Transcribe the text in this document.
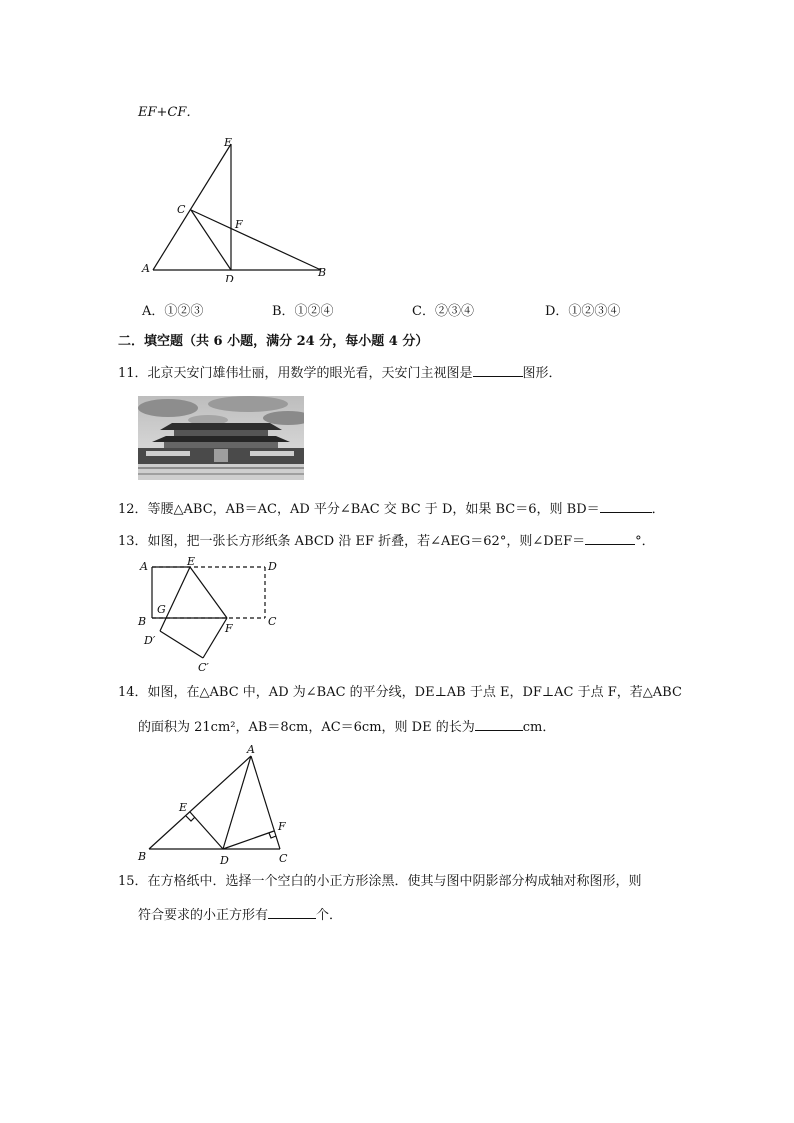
EF+CF．
E
C
F
A
D
B
A．①②③	B．①②④	C．②③④	D．①②③④
二．填空题（共 6 小题，满分 24 分，每小题 4 分）
11．北京天安门雄伟壮丽，用数学的眼光看，天安门主视图是	图形．
12．等腰△ABC，AB＝AC，AD 平分∠BAC 交 BC 于 D，如果 BC＝6，则 BD＝	．
13．如图，把一张长方形纸条 ABCD 沿 EF 折叠，若∠AEG＝62°，则∠DEF＝	°．
A	E	D
G
B
F
C
D′
C′
14．如图，在△ABC 中，AD 为∠BAC 的平分线，DE⊥AB 于点 E，DF⊥AC 于点 F，若△ABC
的面积为 21cm²，AB＝8cm，AC＝6cm，则 DE 的长为	cm．
A
E
F
B	D	C
15．在方格纸中．选择一个空白的小正方形涂黑．使其与图中阴影部分构成轴对称图形，则
符合要求的小正方形有	个．
